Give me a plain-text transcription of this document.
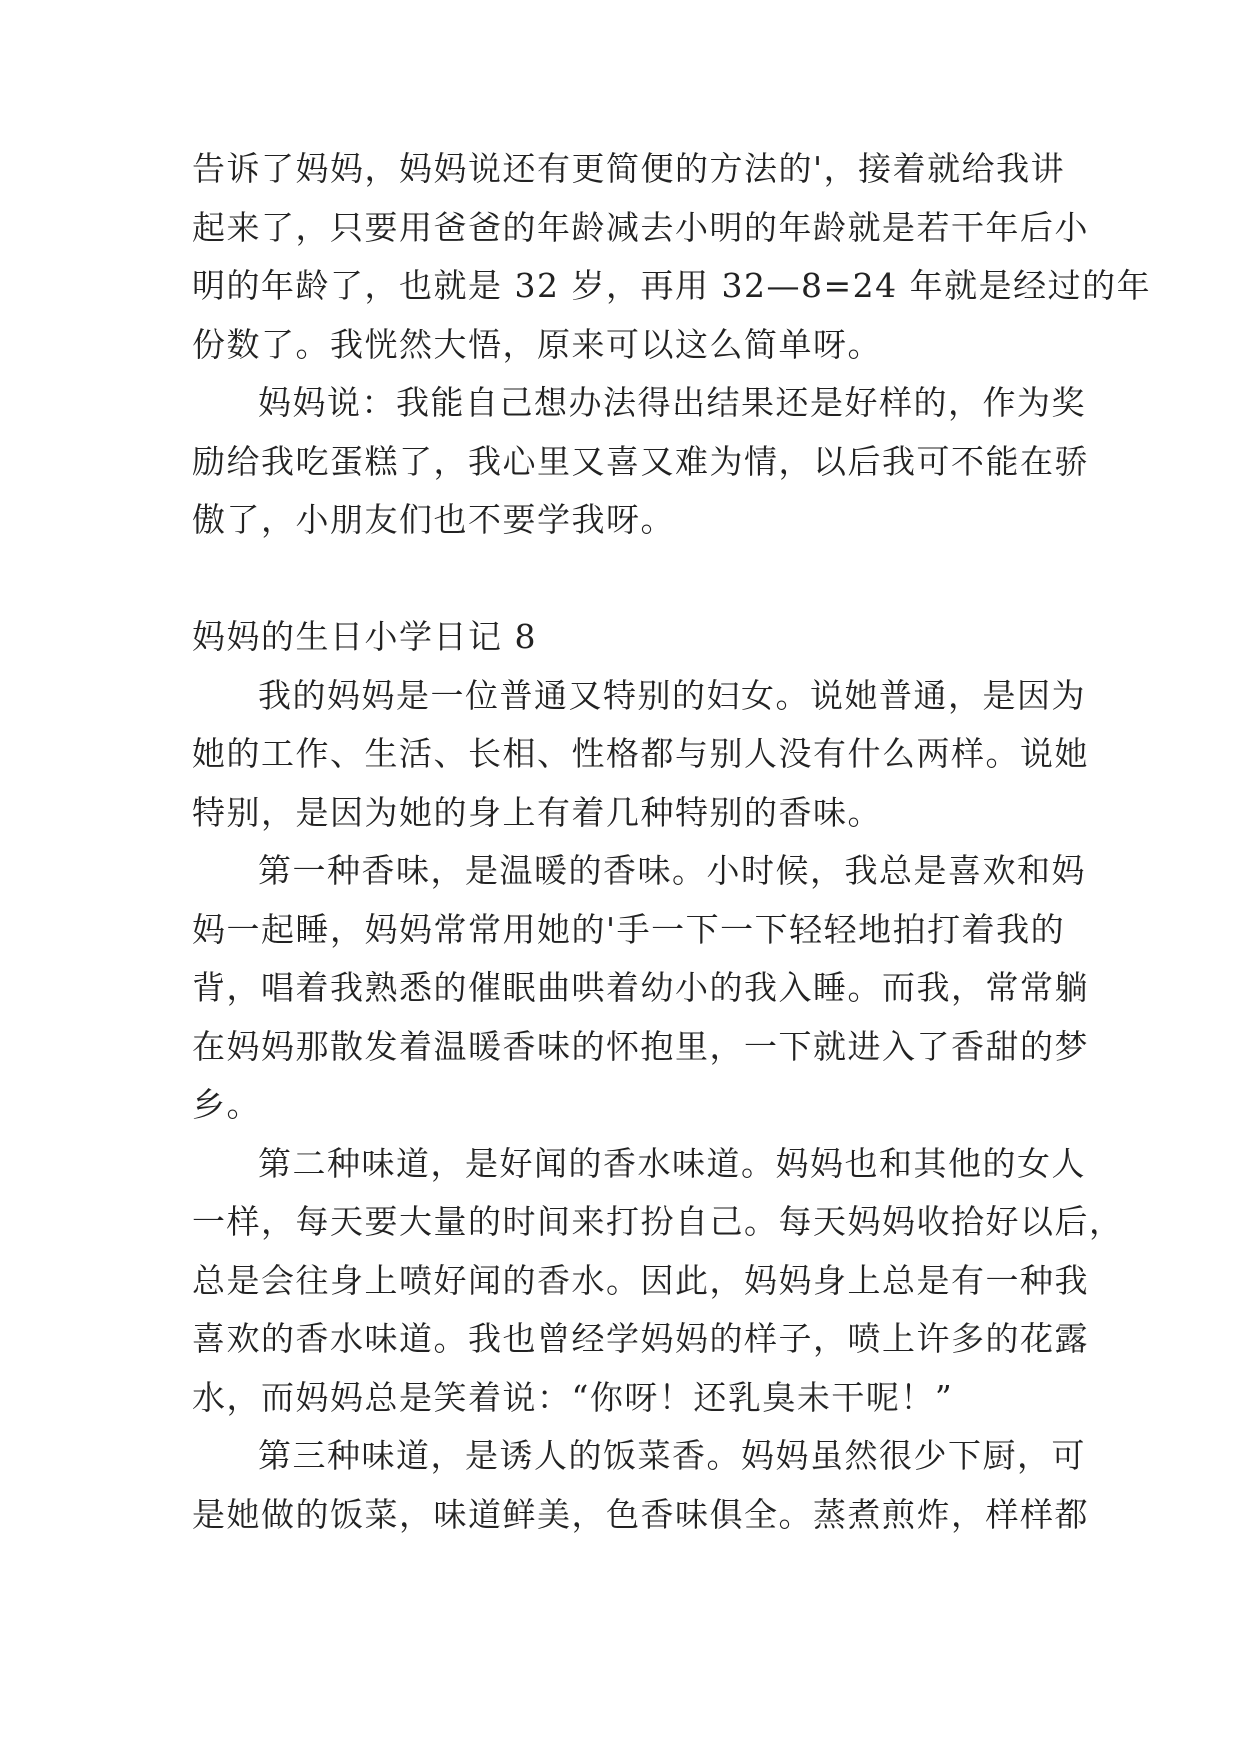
告诉了妈妈，妈妈说还有更简便的方法的'，接着就给我讲
起来了，只要用爸爸的年龄减去小明的年龄就是若干年后小
明的年龄了，也就是 32 岁，再用 32—8=24 年就是经过的年
份数了。我恍然大悟，原来可以这么简单呀。
妈妈说：我能自己想办法得出结果还是好样的，作为奖
励给我吃蛋糕了，我心里又喜又难为情，以后我可不能在骄
傲了，小朋友们也不要学我呀。
妈妈的生日小学日记 8
我的妈妈是一位普通又特别的妇女。说她普通，是因为
她的工作、生活、长相、性格都与别人没有什么两样。说她
特别，是因为她的身上有着几种特别的香味。
第一种香味，是温暖的香味。小时候，我总是喜欢和妈
妈一起睡，妈妈常常用她的'手一下一下轻轻地拍打着我的
背，唱着我熟悉的催眠曲哄着幼小的我入睡。而我，常常躺
在妈妈那散发着温暖香味的怀抱里，一下就进入了香甜的梦
乡。
第二种味道，是好闻的香水味道。妈妈也和其他的女人
一样，每天要大量的时间来打扮自己。每天妈妈收拾好以后，
总是会往身上喷好闻的香水。因此，妈妈身上总是有一种我
喜欢的香水味道。我也曾经学妈妈的样子，喷上许多的花露
水，而妈妈总是笑着说：“你呀！还乳臭未干呢！”
第三种味道，是诱人的饭菜香。妈妈虽然很少下厨，可
是她做的饭菜，味道鲜美，色香味俱全。蒸煮煎炸，样样都
